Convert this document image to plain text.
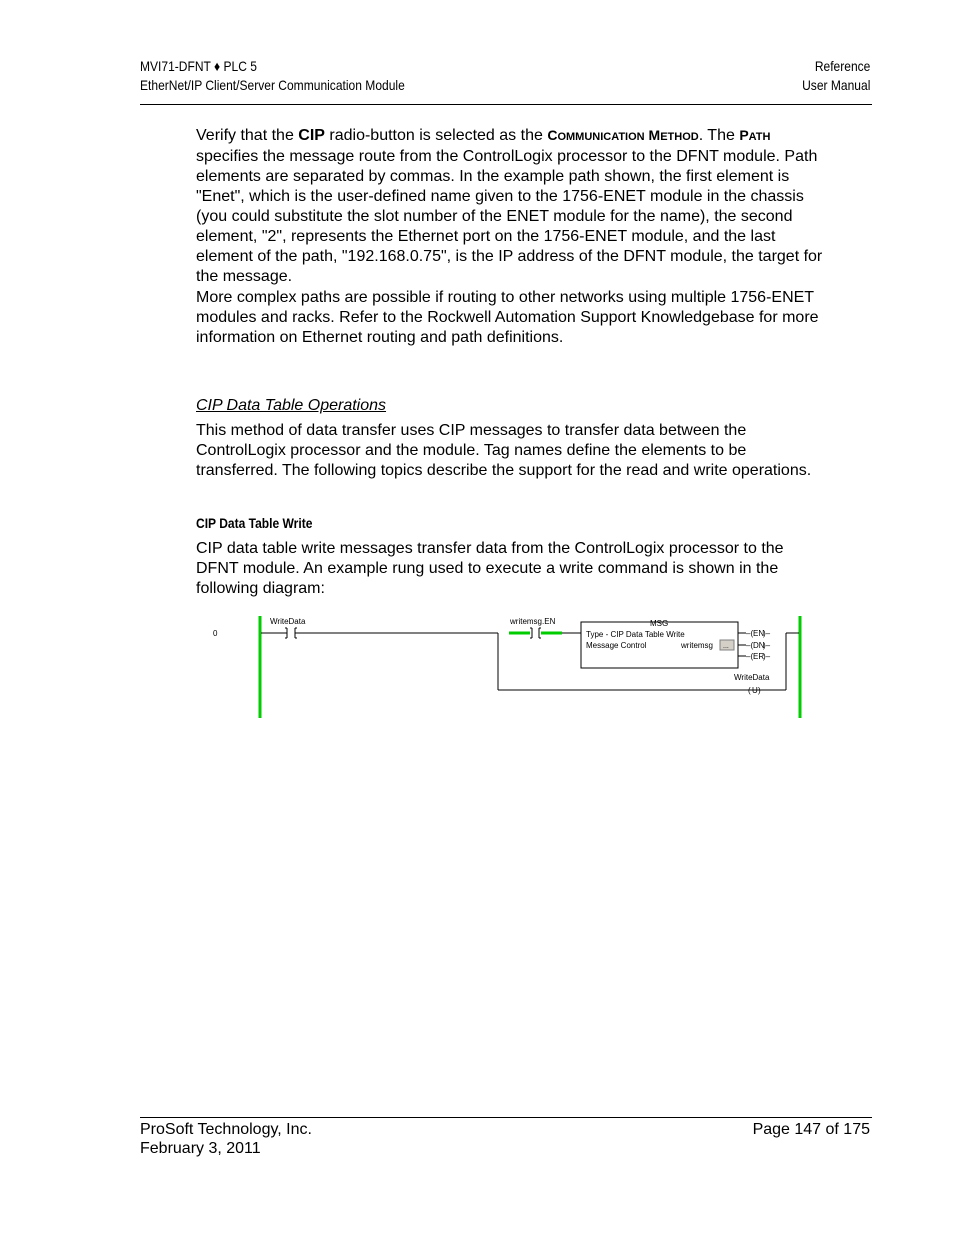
MVI71-DFNT ♦ PLC 5
EtherNet/IP Client/Server Communication Module
Reference
User Manual
Verify that the CIP radio-button is selected as the COMMUNICATION METHOD. The PATH specifies the message route from the ControlLogix processor to the DFNT module. Path elements are separated by commas. In the example path shown, the first element is "Enet", which is the user-defined name given to the 1756-ENET module in the chassis (you could substitute the slot number of the ENET module for the name), the second element, "2", represents the Ethernet port on the 1756-ENET module, and the last element of the path, "192.168.0.75", is the IP address of the DFNT module, the target for the message.
More complex paths are possible if routing to other networks using multiple 1756-ENET modules and racks. Refer to the Rockwell Automation Support Knowledgebase for more information on Ethernet routing and path definitions.
CIP Data Table Operations
This method of data transfer uses CIP messages to transfer data between the ControlLogix processor and the module. Tag names define the elements to be transferred. The following topics describe the support for the read and write operations.
CIP Data Table Write
CIP data table write messages transfer data from the ControlLogix processor to the DFNT module. An example rung used to execute a write command is shown in the following diagram:
0
WriteData	writemsg.EN	MSG
Type - CIP Data Table Write
Message Control	writemsg ...
–( EN
)–
–( DN
)–
–( ER
)–
WriteData
( U )
ProSoft Technology, Inc.
February 3, 2011
Page 147 of 175
